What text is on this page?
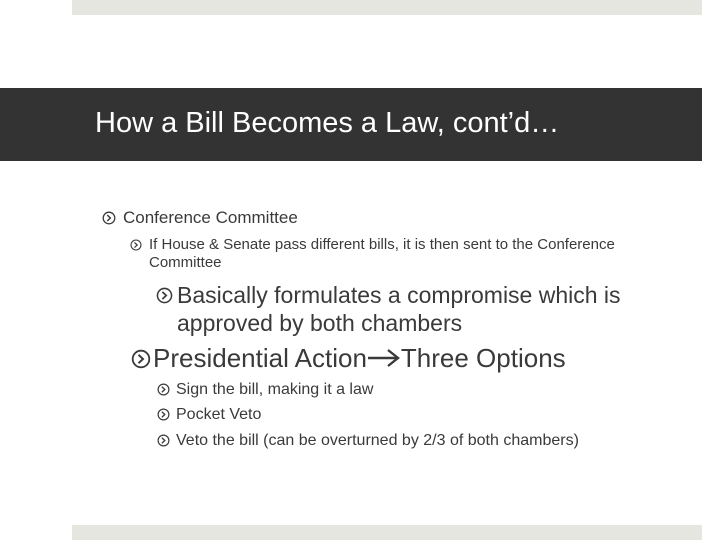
How a Bill Becomes a Law, cont’d…
Conference Committee
If House & Senate pass different bills, it is then sent to the Conference Committee
Basically formulates a compromise which is approved by both chambers
Presidential Action Three Options
Sign the bill, making it a law
Pocket Veto
Veto the bill (can be overturned by 2/3 of both chambers)
